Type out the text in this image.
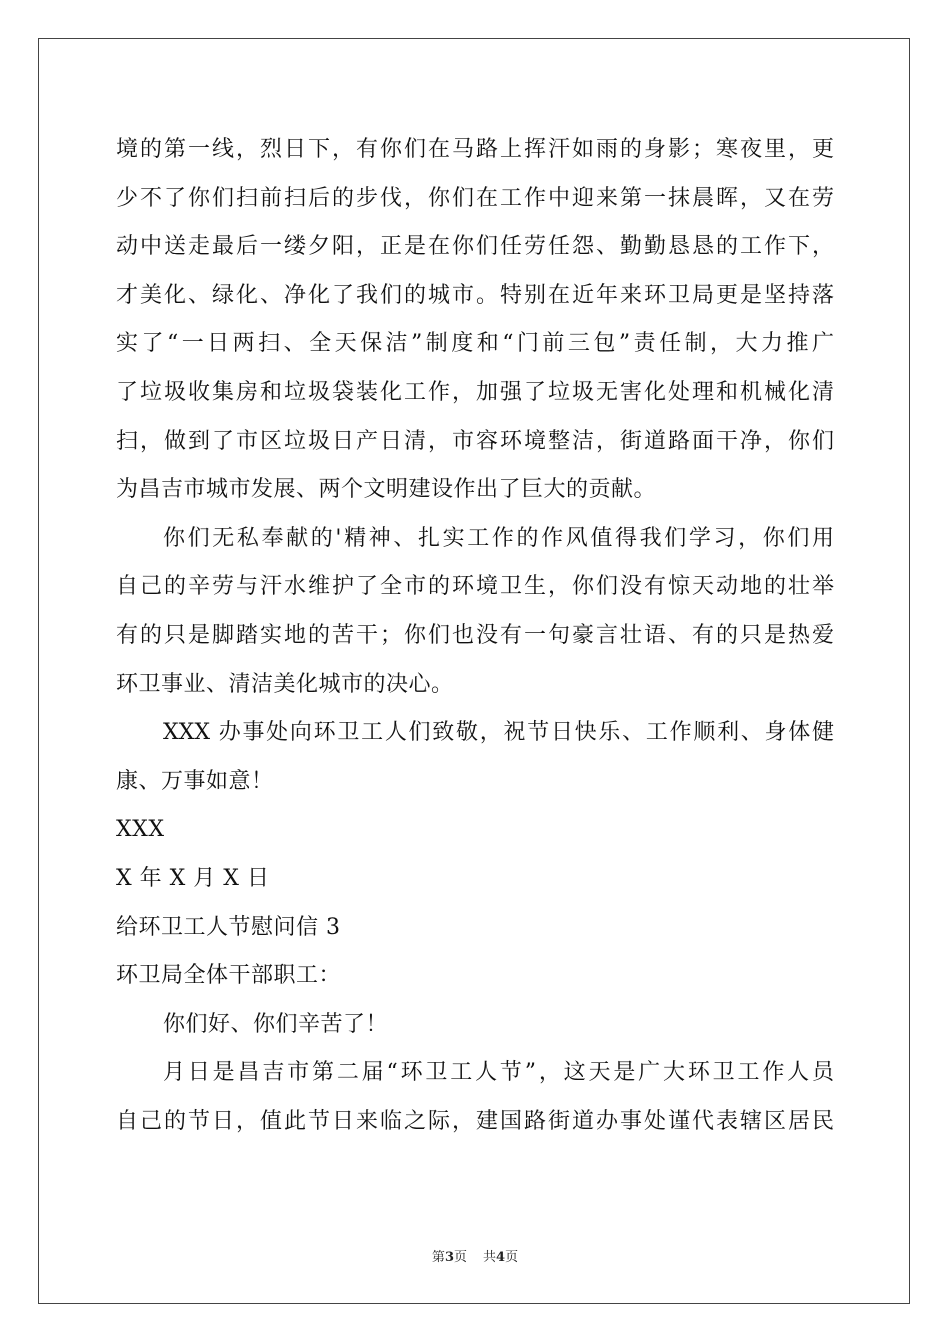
境的第一线，烈日下，有你们在马路上挥汗如雨的身影；寒夜里，更
少不了你们扫前扫后的步伐，你们在工作中迎来第一抹晨晖，又在劳
动中送走最后一缕夕阳，正是在你们任劳任怨、勤勤恳恳的工作下，
才美化、绿化、净化了我们的城市。特别在近年来环卫局更是坚持落
实了“一日两扫、全天保洁”制度和“门前三包”责任制，大力推广
了垃圾收集房和垃圾袋装化工作，加强了垃圾无害化处理和机械化清
扫，做到了市区垃圾日产日清，市容环境整洁，街道路面干净，你们
为昌吉市城市发展、两个文明建设作出了巨大的贡献。
你们无私奉献的'精神、扎实工作的作风值得我们学习，你们用
自己的辛劳与汗水维护了全市的环境卫生，你们没有惊天动地的壮举
有的只是脚踏实地的苦干；你们也没有一句豪言壮语、有的只是热爱
环卫事业、清洁美化城市的决心。
XXX 办事处向环卫工人们致敬，祝节日快乐、工作顺利、身体健
康、万事如意！
XXX
X 年 X 月 X 日
给环卫工人节慰问信 3
环卫局全体干部职工：
你们好、你们辛苦了！
月日是昌吉市第二届“环卫工人节”，这天是广大环卫工作人员
自己的节日，值此节日来临之际，建国路街道办事处谨代表辖区居民
第3页 共4页
